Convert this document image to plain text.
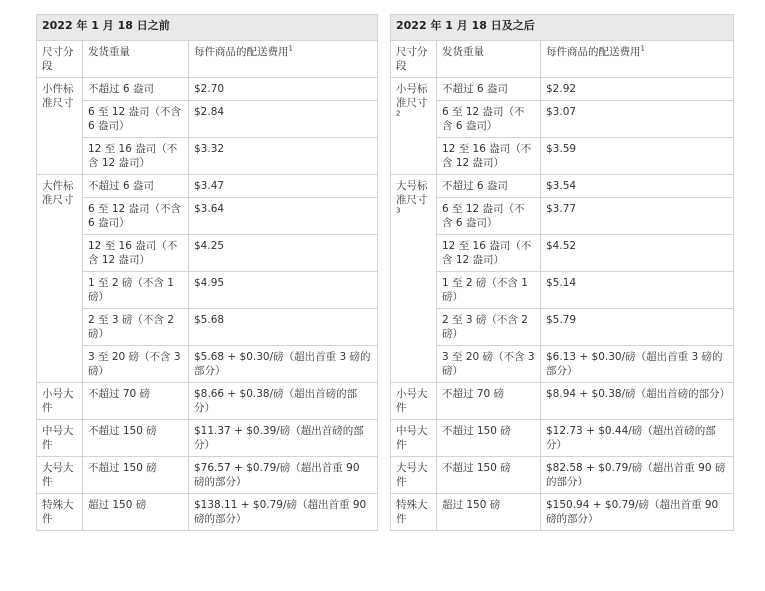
2022 年 1 月 18 日之前		
尺寸分段	发货重量	每件商品的配送费用$^1$
小件标准尺寸	不超过 6 盎司	$2.70
	6 至 12 盎司（不含 6 盎司）	$2.84
	12 至 16 盎司（不含 12 盎司）	$3.32
大件标准尺寸	不超过 6 盎司	$3.47
	6 至 12 盎司（不含 6 盎司）	$3.64
	12 至 16 盎司（不含 12 盎司）	$4.25
	1 至 2 磅（不含 1 磅）	$4.95
	2 至 3 磅（不含 2 磅）	$5.68
	3 至 20 磅（不含 3 磅）	$5.68 + $0.30/磅（超出首重 3 磅的部分）
小号大件	不超过 70 磅	$8.66 + $0.38/磅（超出首磅的部分）
中号大件	不超过 150 磅	$11.37 + $0.39/磅（超出首磅的部分）
大号大件	不超过 150 磅	$76.57 + $0.79/磅（超出首重 90 磅的部分）
特殊大件	超过 150 磅	$138.11 + $0.79/磅（超出首重 90 磅的部分）
2022 年 1 月 18 日及之后		
尺寸分段	发货重量	每件商品的配送费用$^1$
小号标准尺寸$^2$	不超过 6 盎司	$2.92
	6 至 12 盎司（不含 6 盎司）	$3.07
	12 至 16 盎司（不含 12 盎司）	$3.59
大号标准尺寸$^3$	不超过 6 盎司	$3.54
	6 至 12 盎司（不含 6 盎司）	$3.77
	12 至 16 盎司（不含 12 盎司）	$4.52
	1 至 2 磅（不含 1 磅）	$5.14
	2 至 3 磅（不含 2 磅）	$5.79
	3 至 20 磅（不含 3 磅）	$6.13 + $0.30/磅（超出首重 3 磅的部分）
小号大件	不超过 70 磅	$8.94 + $0.38/磅（超出首磅的部分）
中号大件	不超过 150 磅	$12.73 + $0.44/磅（超出首磅的部分）
大号大件	不超过 150 磅	$82.58 + $0.79/磅（超出首重 90 磅的部分）
特殊大件	超过 150 磅	$150.94 + $0.79/磅（超出首重 90 磅的部分）
